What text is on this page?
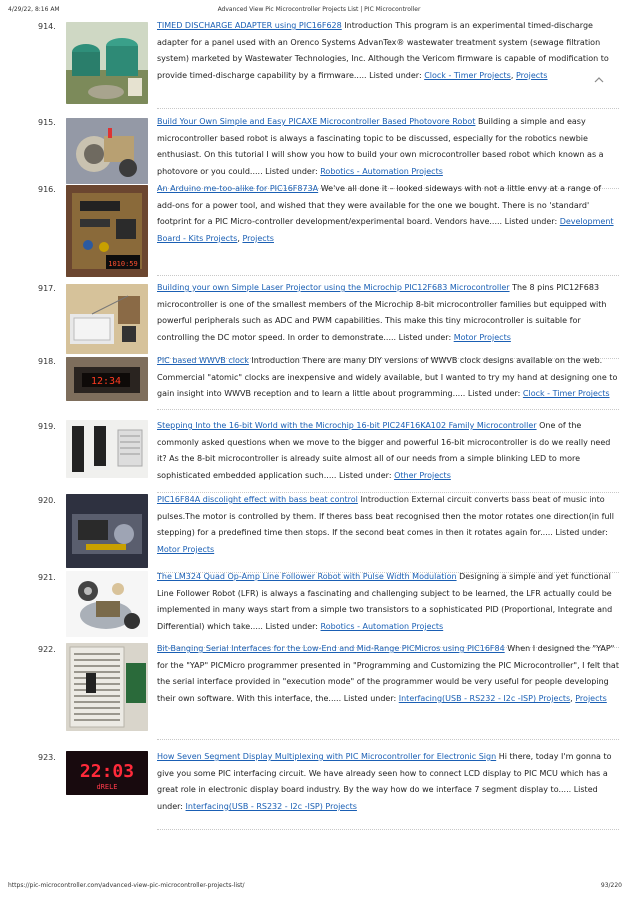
4/29/22, 8:16 AM	Advanced View Pic Microcontroller Projects List | PIC Microcontroller
914.	TIMED DISCHARGE ADAPTER using PIC16F628 Introduction This program is an experimental timed-discharge adapter for a panel used with an Orenco Systems AdvanTex® wastewater treatment system (sewage filtration system) marketed by Wastewater Technologies, Inc. Although the Vericom firmware is capable of modification to provide timed-discharge capability by a firmware..... Listed under: Clock - Timer Projects, Projects
915.	Build Your Own Simple and Easy PICAXE Microcontroller Based Photovore Robot Building a simple and easy microcontroller based robot is always a fascinating topic to be discussed, especially for the robotics newbie enthusiast. On this tutorial I will show you how to build your own microcontroller based robot which known as a photovore or you could..... Listed under: Robotics - Automation Projects
916.
1010:59
An Arduino me-too-alike for PIC16F873A We've all done it – looked sideways with not a little envy at a range of add-ons for a power tool, and wished that they were available for the one we bought. There is no 'standard' footprint for a PIC Micro-controller development/experimental board. Vendors have..... Listed under: Development Board - Kits Projects, Projects
917.	Building your own Simple Laser Projector using the Microchip PIC12F683 Microcontroller The 8 pins PIC12F683 microcontroller is one of the smallest members of the Microchip 8-bit microcontroller families but equipped with powerful peripherals such as ADC and PWM capabilities. This make this tiny microcontroller is suitable for controlling the DC motor speed. In order to demonstrate..... Listed under: Motor Projects
918.
12:34
PIC based WWVB clock Introduction There are many DIY versions of WWVB clock designs available on the web. Commercial "atomic" clocks are inexpensive and widely available, but I wanted to try my hand at designing one to gain insight into WWVB reception and to learn a little about programming..... Listed under: Clock - Timer Projects
919.	Stepping Into the 16-bit World with the Microchip 16-bit PIC24F16KA102 Family Microcontroller One of the commonly asked questions when we move to the bigger and powerful 16-bit microcontroller is do we really need it? As the 8-bit microcontroller is already suite almost all of our needs from a simple blinking LED to more sophisticated embedded application such..... Listed under: Other Projects
920.	PIC16F84A discolight effect with bass beat control Introduction External circuit converts bass beat of music into pulses.The motor is controlled by them. If theres bass beat recognised then the motor rotates one direction(in full stepping) for a predefined time then stops. If the second beat comes in then it rotates again for..... Listed under: Motor Projects
921.	The LM324 Quad Op-Amp Line Follower Robot with Pulse Width Modulation Designing a simple and yet functional Line Follower Robot (LFR) is always a fascinating and challenging subject to be learned, the LFR actually could be implemented in many ways start from a simple two transistors to a sophisticated PID (Proportional, Integrate and Differential) which take..... Listed under: Robotics - Automation Projects
922.	Bit-Banging Serial Interfaces for the Low-End and Mid-Range PICMicros using PIC16F84 When I designed the "YAP" for the "YAP" PICMicro programmer presented in "Programming and Customizing the PIC Microcontroller", I felt that the serial interface provided in "execution mode" of the programmer would be very useful for people developing their own software. With this interface, the..... Listed under: Interfacing(USB - RS232 - I2c -ISP) Projects, Projects
923.
22:03
dRELE
How Seven Segment Display Multiplexing with PIC Microcontroller for Electronic Sign Hi there, today I'm gonna to give you some PIC interfacing circuit. We have already seen how to connect LCD display to PIC MCU which has a great role in electronic display board industry. By the way how do we interface 7 segment display to..... Listed under: Interfacing(USB - RS232 - I2c -ISP) Projects
https://pic-microcontroller.com/advanced-view-pic-microcontroller-projects-list/	93/220
